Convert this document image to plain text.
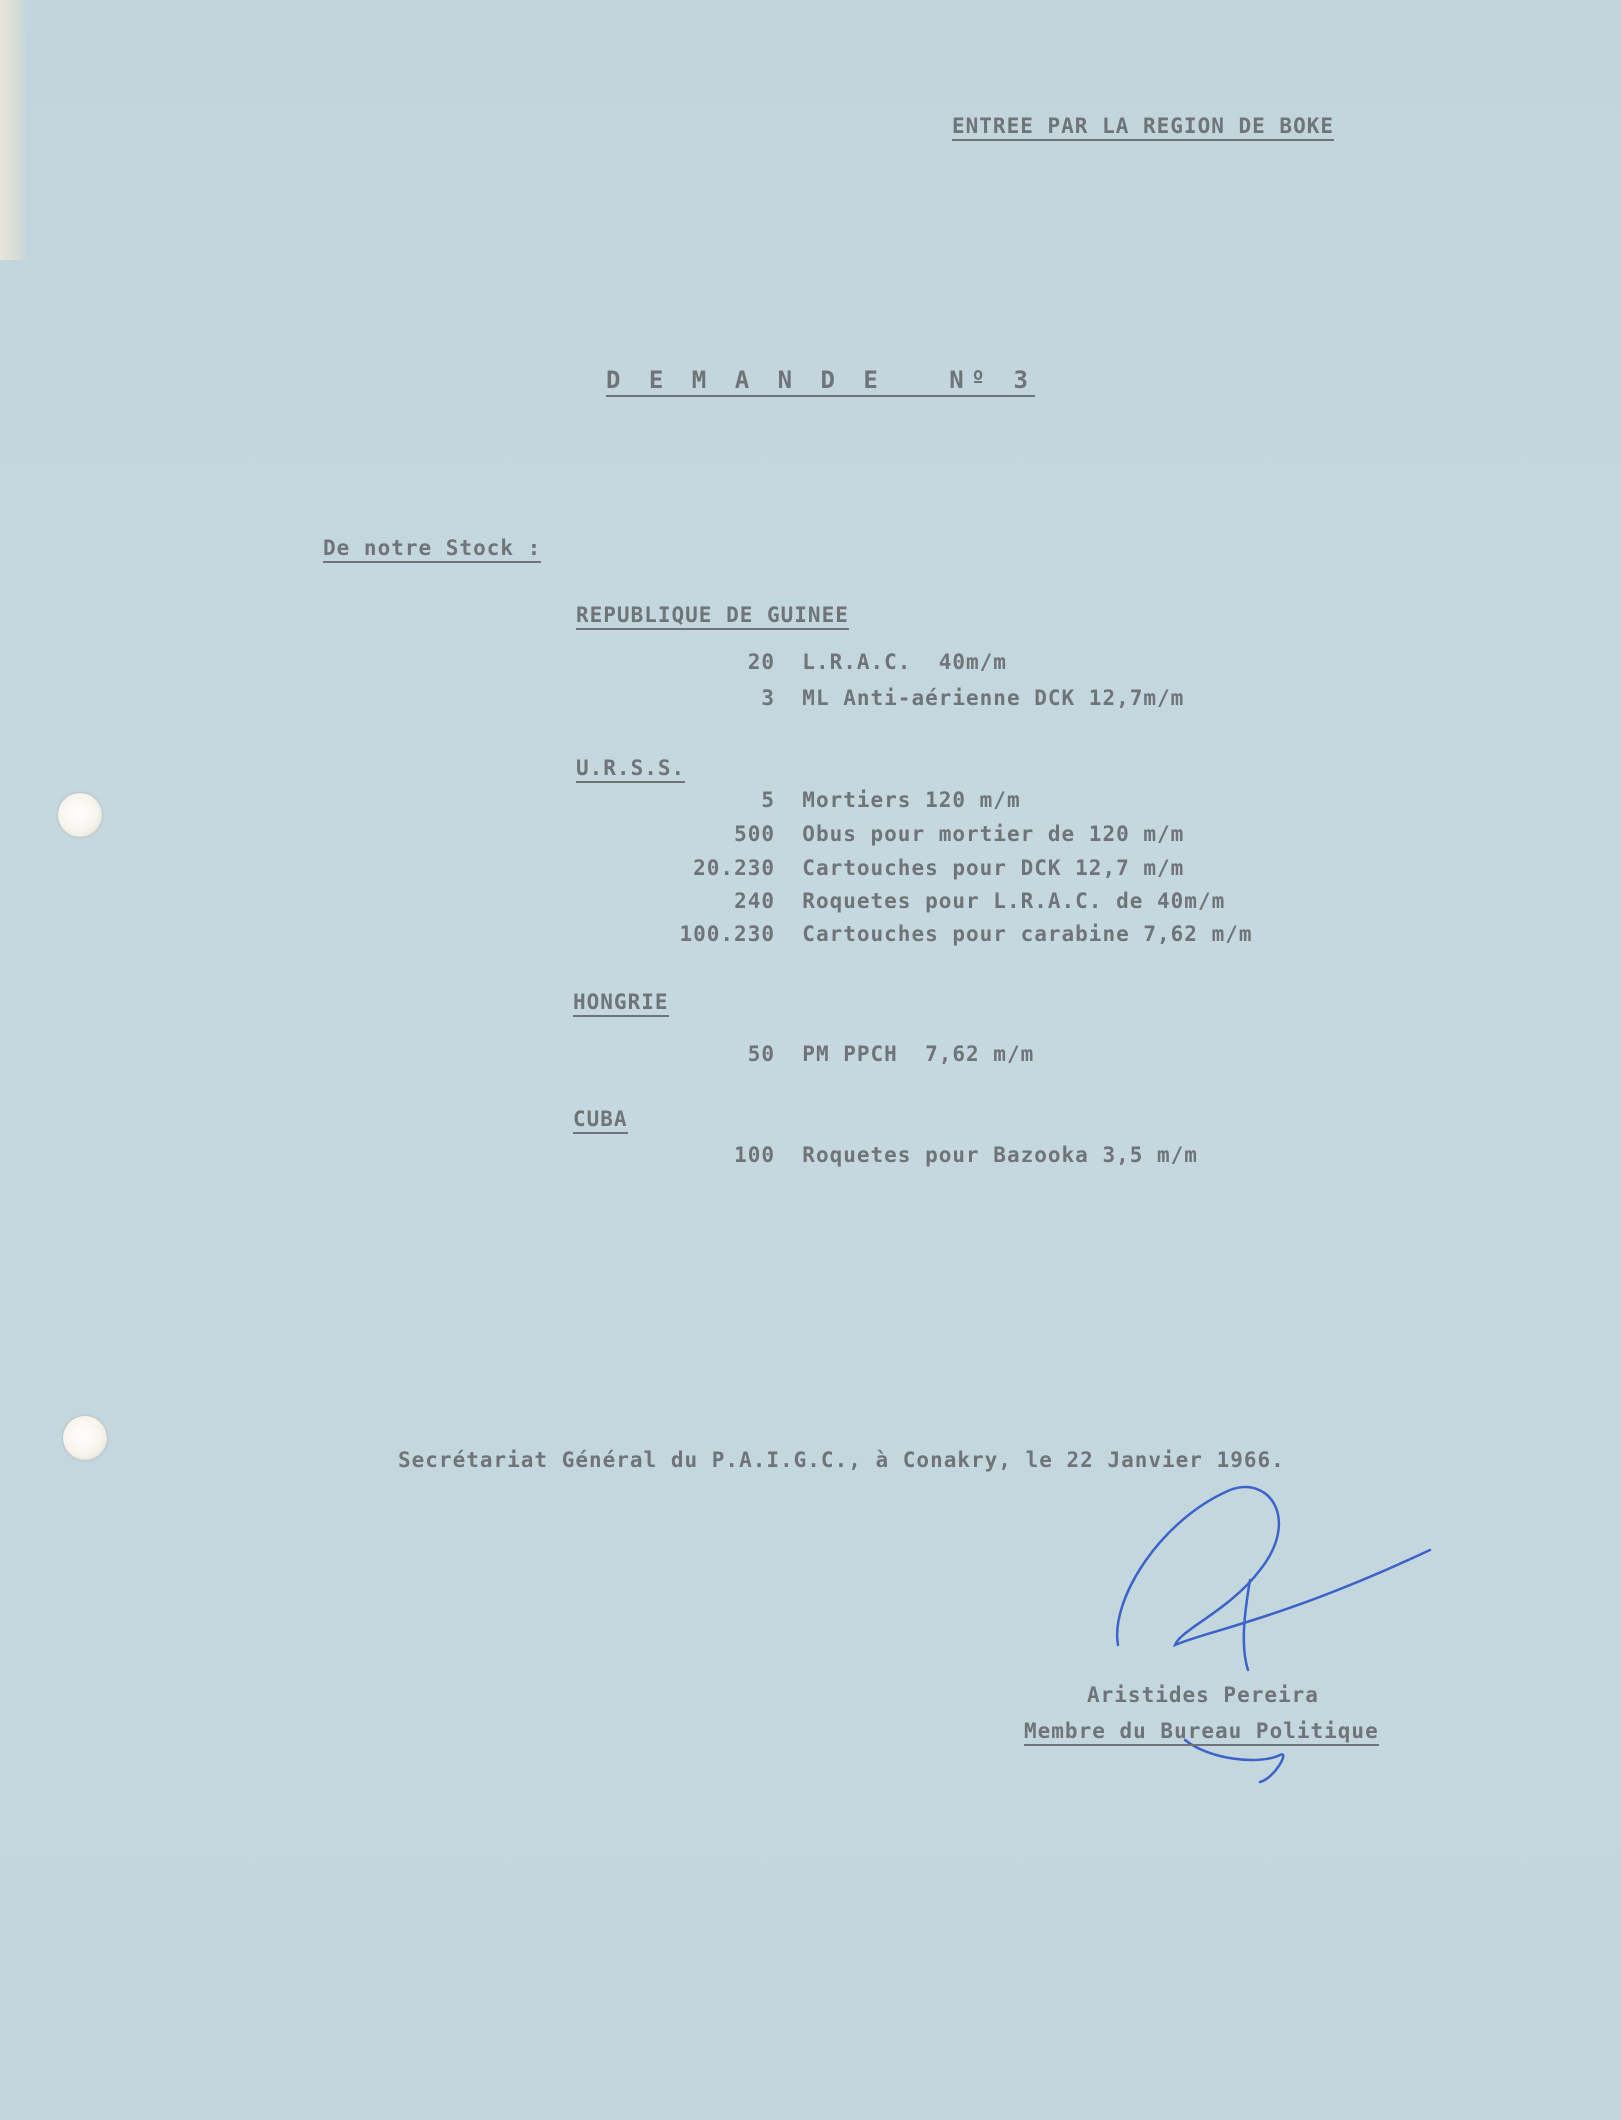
ENTREE PAR LA REGION DE BOKE
D E M A N D E   Nº 3
De notre Stock :
REPUBLIQUE DE GUINEE
20 L.R.A.C.  40m/m
3 ML Anti-aérienne DCK 12,7m/m
U.R.S.S.
5 Mortiers 120 m/m
500 Obus pour mortier de 120 m/m
20.230 Cartouches pour DCK 12,7 m/m
240 Roquetes pour L.R.A.C. de 40m/m
100.230 Cartouches pour carabine 7,62 m/m
HONGRIE
50 PM PPCH  7,62 m/m
CUBA
100 Roquetes pour Bazooka 3,5 m/m
Secrétariat Général du P.A.I.G.C., à Conakry, le 22 Janvier 1966.
Aristides Pereira
Membre du Bureau Politique
